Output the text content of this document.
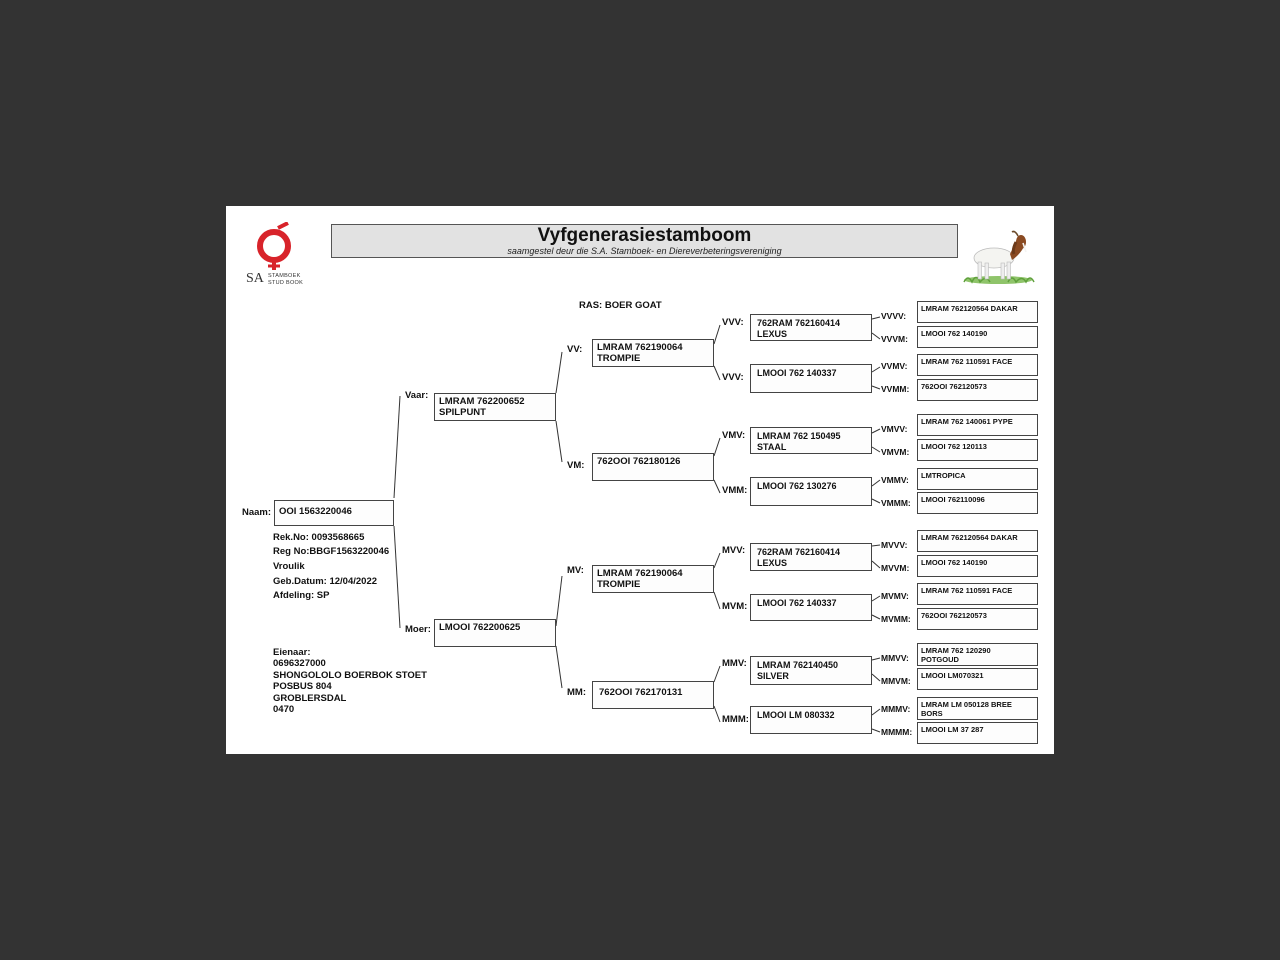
SA STAMBOEK
STUD BOOK
Vyfgenerasiestamboom
saamgestel deur die S.A. Stamboek- en Diereverbeteringsvereniging
RAS: BOER GOAT
Naam: OOI 1563220046
Rek.No: 0093568665
Reg No:BBGF1563220046
Vroulik
Geb.Datum: 12/04/2022
Afdeling: SP
Eienaar:
0696327000
SHONGOLOLO BOERBOK STOET
POSBUS 804
GROBLERSDAL
0470
Vaar:
LMRAM 762200652
SPILPUNT
Moer: LMOOI 762200625
VV: LMRAM 762190064
TROMPIE
VM: 762OOI 762180126
MV: LMRAM 762190064
TROMPIE
MM: 762OOI 762170131
VVV: 762RAM 762160414
LEXUS
VVV: LMOOI 762 140337
VMV: LMRAM 762 150495
STAAL
VMM: LMOOI 762 130276
MVV: 762RAM 762160414
LEXUS
MVM: LMOOI 762 140337
MMV: LMRAM 762140450
SILVER
MMM: LMOOI LM 080332
VVVV:
LMRAM 762120564 DAKAR
VVVM:
LMOOI 762 140190
VVMV: LMRAM 762 110591 FACE
VVMM: 762OOI 762120573
VMVV:
LMRAM 762 140061 PYPE
VMVM:
LMOOI 762 120113
VMMV: LMTROPICA
VMMM: LMOOI 762110096
MVVV:
LMRAM 762120564 DAKAR
MVVM:
LMOOI 762 140190
MVMV:
LMRAM 762 110591 FACE
MVMM: 762OOI 762120573
MMVV:
LMRAM 762 120290
POTGOUD
MMVM:
LMOOI LM070321
MMMV: LMRAM LM 050128 BREE
BORS
MMMM: LMOOI LM 37 287
